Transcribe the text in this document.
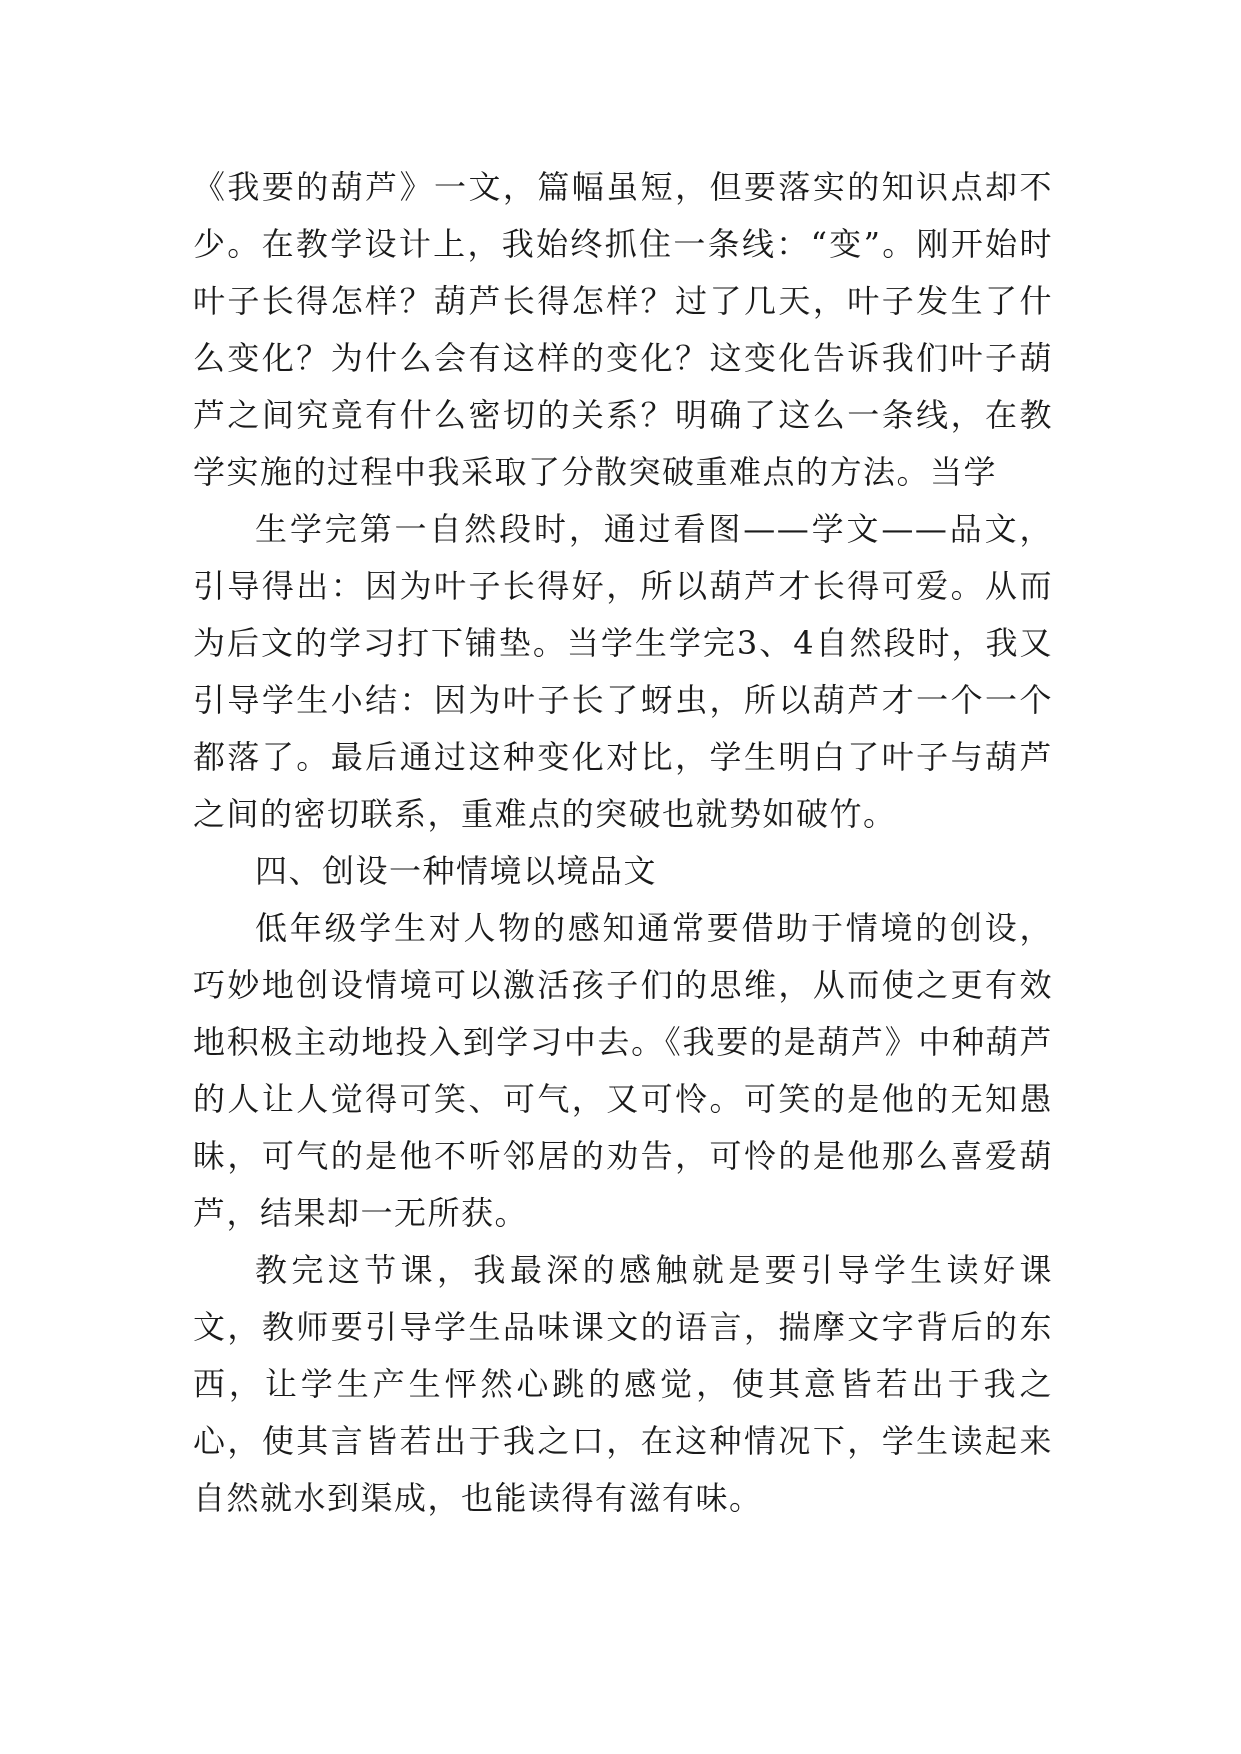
《我要的葫芦》一文，篇幅虽短，但要落实的知识点却不少。在教学设计上，我始终抓住一条线：“变”。刚开始时叶子长得怎样？葫芦长得怎样？过了几天，叶子发生了什么变化？为什么会有这样的变化？这变化告诉我们叶子葫芦之间究竟有什么密切的关系？明确了这么一条线，在教学实施的过程中我采取了分散突破重难点的方法。当学

生学完第一自然段时，通过看图——学文——品文，引导得出：因为叶子长得好，所以葫芦才长得可爱。从而为后文的学习打下铺垫。当学生学完3、4自然段时，我又引导学生小结：因为叶子长了蚜虫，所以葫芦才一个一个都落了。最后通过这种变化对比，学生明白了叶子与葫芦之间的密切联系，重难点的突破也就势如破竹。

四、创设一种情境以境品文

低年级学生对人物的感知通常要借助于情境的创设，巧妙地创设情境可以激活孩子们的思维，从而使之更有效地积极主动地投入到学习中去。《我要的是葫芦》中种葫芦的人让人觉得可笑、可气，又可怜。可笑的是他的无知愚昧，可气的是他不听邻居的劝告，可怜的是他那么喜爱葫芦，结果却一无所获。

教完这节课，我最深的感触就是要引导学生读好课文，教师要引导学生品味课文的语言，揣摩文字背后的东西，让学生产生怦然心跳的感觉，使其意皆若出于我之心，使其言皆若出于我之口，在这种情况下，学生读起来自然就水到渠成，也能读得有滋有味。
